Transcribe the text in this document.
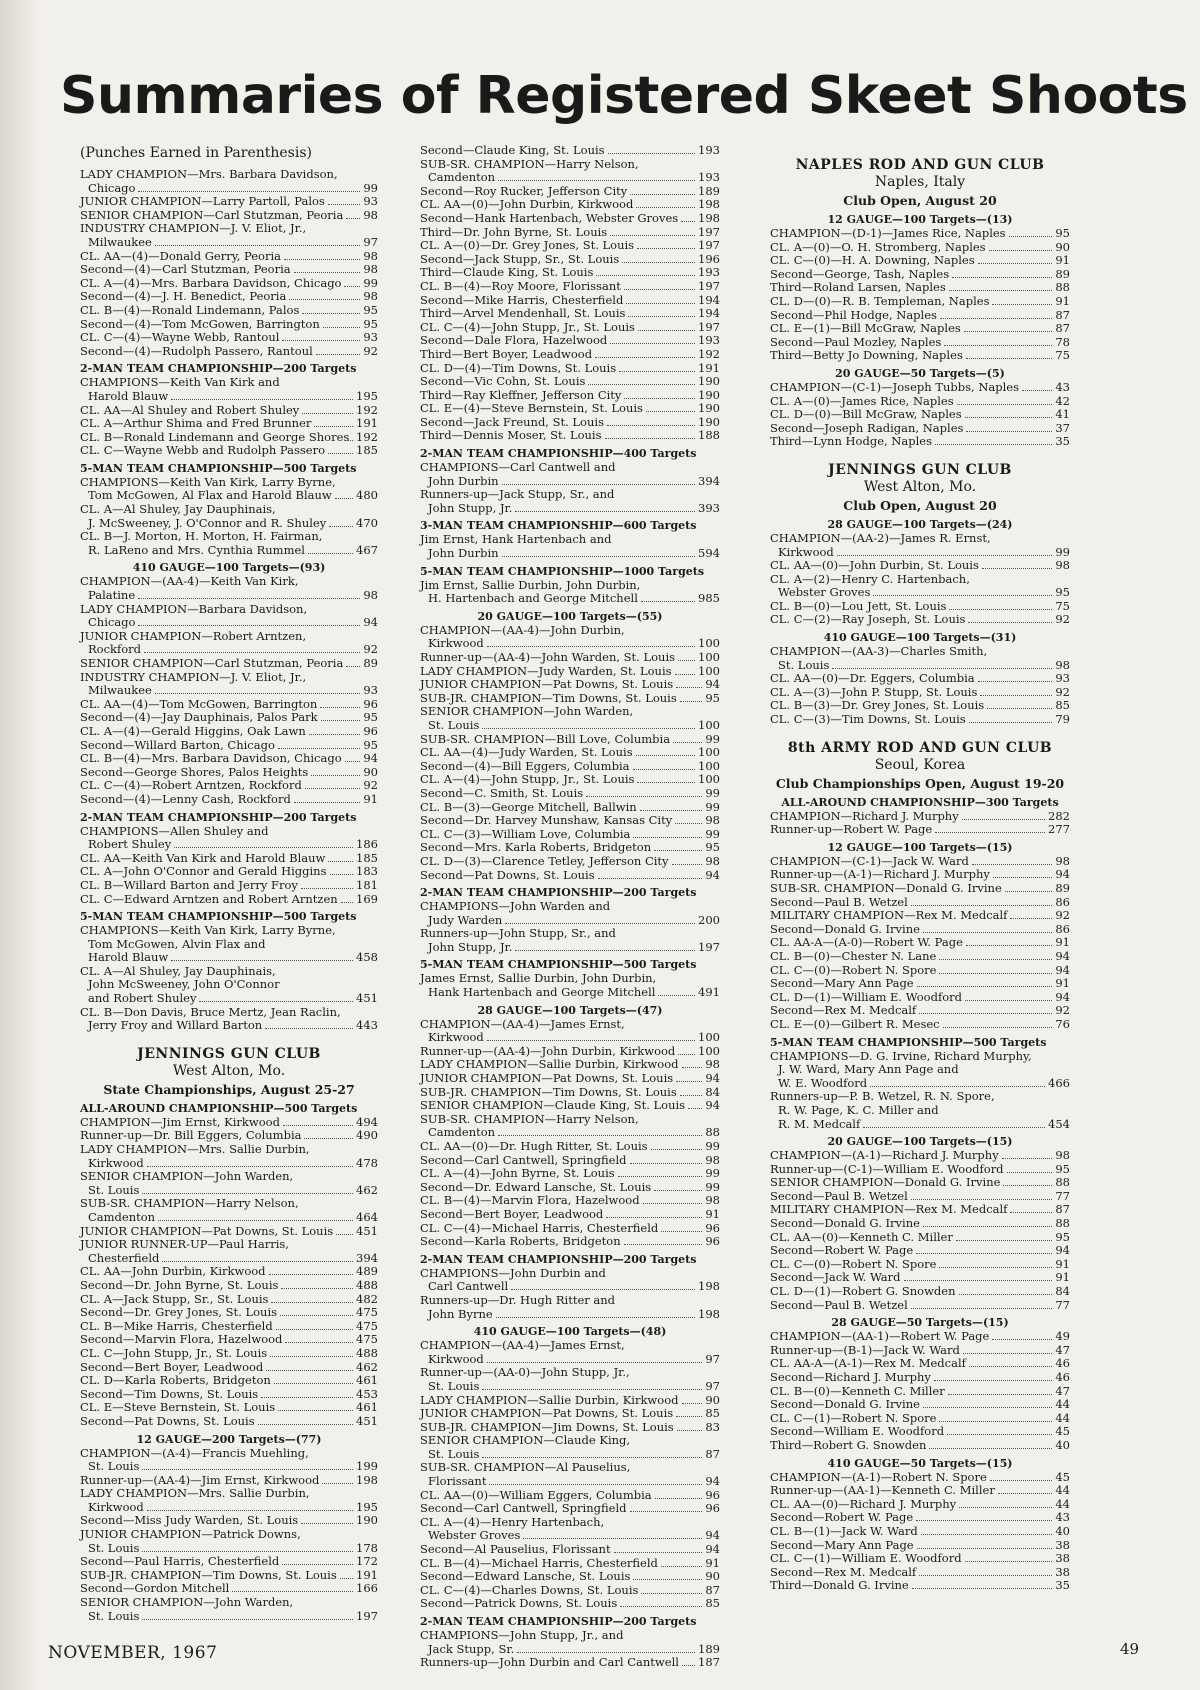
Summaries of Registered Skeet Shoots
(Punches Earned in Parenthesis)
LADY CHAMPION—Mrs. Barbara Davidson,
Chicago	99
JUNIOR CHAMPION—Larry Partoll, Palos	93
SENIOR CHAMPION—Carl Stutzman, Peoria 98
INDUSTRY CHAMPION—J. V. Eliot, Jr.,
Milwaukee	97
CL. AA—(4)—Donald Gerry, Peoria	98
Second—(4)—Carl Stutzman, Peoria	98
CL. A—(4)—Mrs. Barbara Davidson, Chicago 99
Second—(4)—J. H. Benedict, Peoria	98
CL. B—(4)—Ronald Lindemann, Palos	95
Second—(4)—Tom McGowen, Barrington	95
CL. C—(4)—Wayne Webb, Rantoul	93
Second—(4)—Rudolph Passero, Rantoul	92
2-MAN TEAM CHAMPIONSHIP—200 Targets
CHAMPIONS—Keith Van Kirk and
Harold Blauw	195
CL. AA—Al Shuley and Robert Shuley	192
CL. A—Arthur Shima and Fred Brunner	191
CL. B—Ronald Lindemann and George Shores 192
CL. C—Wayne Webb and Rudolph Passero	185
5-MAN TEAM CHAMPIONSHIP—500 Targets
CHAMPIONS—Keith Van Kirk, Larry Byrne,
Tom McGowen, Al Flax and Harold Blauw 480
CL. A—Al Shuley, Jay Dauphinais,
J. McSweeney, J. O'Connor and R. Shuley	470
CL. B—J. Morton, H. Morton, H. Fairman,
R. LaReno and Mrs. Cynthia Rummel	467
410 GAUGE—100 Targets—(93)
CHAMPION—(AA-4)—Keith Van Kirk,
Palatine	98
LADY CHAMPION—Barbara Davidson,
Chicago	94
JUNIOR CHAMPION—Robert Arntzen,
Rockford	92
SENIOR CHAMPION—Carl Stutzman, Peoria 89
INDUSTRY CHAMPION—J. V. Eliot, Jr.,
Milwaukee	93
CL. AA—(4)—Tom McGowen, Barrington	96
Second—(4)—Jay Dauphinais, Palos Park	95
CL. A—(4)—Gerald Higgins, Oak Lawn	96
Second—Willard Barton, Chicago	95
CL. B—(4)—Mrs. Barbara Davidson, Chicago 94
Second—George Shores, Palos Heights	90
CL. C—(4)—Robert Arntzen, Rockford	92
Second—(4)—Lenny Cash, Rockford	91
2-MAN TEAM CHAMPIONSHIP—200 Targets
CHAMPIONS—Allen Shuley and
Robert Shuley	186
CL. AA—Keith Van Kirk and Harold Blauw	185
CL. A—John O'Connor and Gerald Higgins	183
CL. B—Willard Barton and Jerry Froy	181
CL. C—Edward Arntzen and Robert Arntzen 169
5-MAN TEAM CHAMPIONSHIP—500 Targets
CHAMPIONS—Keith Van Kirk, Larry Byrne,
Tom McGowen, Alvin Flax and
Harold Blauw	458
CL. A—Al Shuley, Jay Dauphinais,
John McSweeney, John O'Connor
and Robert Shuley	451
CL. B—Don Davis, Bruce Mertz, Jean Raclin,
Jerry Froy and Willard Barton	443
JENNINGS GUN CLUB
West Alton, Mo.
State Championships, August 25-27
ALL-AROUND CHAMPIONSHIP—500 Targets
CHAMPION—Jim Ernst, Kirkwood	494
Runner-up—Dr. Bill Eggers, Columbia	490
LADY CHAMPION—Mrs. Sallie Durbin,
Kirkwood	478
SENIOR CHAMPION—John Warden,
St. Louis	462
SUB-SR. CHAMPION—Harry Nelson,
Camdenton	464
JUNIOR CHAMPION—Pat Downs, St. Louis 451
JUNIOR RUNNER-UP—Paul Harris,
Chesterfield	394
CL. AA—John Durbin, Kirkwood	489
Second—Dr. John Byrne, St. Louis	488
CL. A—Jack Stupp, Sr., St. Louis	482
Second—Dr. Grey Jones, St. Louis	475
CL. B—Mike Harris, Chesterfield	475
Second—Marvin Flora, Hazelwood	475
CL. C—John Stupp, Jr., St. Louis	488
Second—Bert Boyer, Leadwood	462
CL. D—Karla Roberts, Bridgeton	461
Second—Tim Downs, St. Louis	453
CL. E—Steve Bernstein, St. Louis	461
Second—Pat Downs, St. Louis	451
12 GAUGE—200 Targets—(77)
CHAMPION—(A-4)—Francis Muehling,
St. Louis	199
Runner-up—(AA-4)—Jim Ernst, Kirkwood	198
LADY CHAMPION—Mrs. Sallie Durbin,
Kirkwood	195
Second—Miss Judy Warden, St. Louis	190
JUNIOR CHAMPION—Patrick Downs,
St. Louis	178
Second—Paul Harris, Chesterfield	172
SUB-JR. CHAMPION—Tim Downs, St. Louis 191
Second—Gordon Mitchell	166
SENIOR CHAMPION—John Warden,
St. Louis	197
Second—Claude King, St. Louis	193
SUB-SR. CHAMPION—Harry Nelson,
Camdenton	193
Second—Roy Rucker, Jefferson City	189
CL. AA—(0)—John Durbin, Kirkwood	198
Second—Hank Hartenbach, Webster Groves 198
Third—Dr. John Byrne, St. Louis	197
CL. A—(0)—Dr. Grey Jones, St. Louis	197
Second—Jack Stupp, Sr., St. Louis	196
Third—Claude King, St. Louis	193
CL. B—(4)—Roy Moore, Florissant	197
Second—Mike Harris, Chesterfield	194
Third—Arvel Mendenhall, St. Louis	194
CL. C—(4)—John Stupp, Jr., St. Louis	197
Second—Dale Flora, Hazelwood	193
Third—Bert Boyer, Leadwood	192
CL. D—(4)—Tim Downs, St. Louis	191
Second—Vic Cohn, St. Louis	190
Third—Ray Kleffner, Jefferson City	190
CL. E—(4)—Steve Bernstein, St. Louis	190
Second—Jack Freund, St. Louis	190
Third—Dennis Moser, St. Louis	188
2-MAN TEAM CHAMPIONSHIP—400 Targets
CHAMPIONS—Carl Cantwell and
John Durbin	394
Runners-up—Jack Stupp, Sr., and
John Stupp, Jr.	393
3-MAN TEAM CHAMPIONSHIP—600 Targets
Jim Ernst, Hank Hartenbach and
John Durbin	594
5-MAN TEAM CHAMPIONSHIP—1000 Targets
Jim Ernst, Sallie Durbin, John Durbin,
H. Hartenbach and George Mitchell	985
20 GAUGE—100 Targets—(55)
CHAMPION—(AA-4)—John Durbin,
Kirkwood	100
Runner-up—(AA-4)—John Warden, St. Louis 100
LADY CHAMPION—Judy Warden, St. Louis 100
JUNIOR CHAMPION—Pat Downs, St. Louis	94
SUB-JR. CHAMPION—Tim Downs, St. Louis 95
SENIOR CHAMPION—John Warden,
St. Louis	100
SUB-SR. CHAMPION—Bill Love, Columbia	99
CL. AA—(4)—Judy Warden, St. Louis	100
Second—(4)—Bill Eggers, Columbia	100
CL. A—(4)—John Stupp, Jr., St. Louis	100
Second—C. Smith, St. Louis	99
CL. B—(3)—George Mitchell, Ballwin	99
Second—Dr. Harvey Munshaw, Kansas City	98
CL. C—(3)—William Love, Columbia	99
Second—Mrs. Karla Roberts, Bridgeton	95
CL. D—(3)—Clarence Tetley, Jefferson City	98
Second—Pat Downs, St. Louis	94
2-MAN TEAM CHAMPIONSHIP—200 Targets
CHAMPIONS—John Warden and
Judy Warden	200
Runners-up—John Stupp, Sr., and
John Stupp, Jr.	197
5-MAN TEAM CHAMPIONSHIP—500 Targets
James Ernst, Sallie Durbin, John Durbin,
Hank Hartenbach and George Mitchell	491
28 GAUGE—100 Targets—(47)
CHAMPION—(AA-4)—James Ernst,
Kirkwood	100
Runner-up—(AA-4)—John Durbin, Kirkwood 100
LADY CHAMPION—Sallie Durbin, Kirkwood 98
JUNIOR CHAMPION—Pat Downs, St. Louis	94
SUB-JR. CHAMPION—Tim Downs, St. Louis 84
SENIOR CHAMPION—Claude King, St. Louis 94
SUB-SR. CHAMPION—Harry Nelson,
Camdenton	88
CL. AA—(0)—Dr. Hugh Ritter, St. Louis	99
Second—Carl Cantwell, Springfield	98
CL. A—(4)—John Byrne, St. Louis	99
Second—Dr. Edward Lansche, St. Louis	99
CL. B—(4)—Marvin Flora, Hazelwood	98
Second—Bert Boyer, Leadwood	91
CL. C—(4)—Michael Harris, Chesterfield	96
Second—Karla Roberts, Bridgeton	96
2-MAN TEAM CHAMPIONSHIP—200 Targets
CHAMPIONS—John Durbin and
Carl Cantwell	198
Runners-up—Dr. Hugh Ritter and
John Byrne	198
410 GAUGE—100 Targets—(48)
CHAMPION—(AA-4)—James Ernst,
Kirkwood	97
Runner-up—(AA-0)—John Stupp, Jr.,
St. Louis	97
LADY CHAMPION—Sallie Durbin, Kirkwood 90
JUNIOR CHAMPION—Pat Downs, St. Louis	85
SUB-JR. CHAMPION—Jim Downs, St. Louis	83
SENIOR CHAMPION—Claude King,
St. Louis	87
SUB-SR. CHAMPION—Al Pauselius,
Florissant	94
CL. AA—(0)—William Eggers, Columbia	96
Second—Carl Cantwell, Springfield	96
CL. A—(4)—Henry Hartenbach,
Webster Groves	94
Second—Al Pauselius, Florissant	94
CL. B—(4)—Michael Harris, Chesterfield	91
Second—Edward Lansche, St. Louis	90
CL. C—(4)—Charles Downs, St. Louis	87
Second—Patrick Downs, St. Louis	85
2-MAN TEAM CHAMPIONSHIP—200 Targets
CHAMPIONS—John Stupp, Jr., and
Jack Stupp, Sr.	189
Runners-up—John Durbin and Carl Cantwell 187
NAPLES ROD AND GUN CLUB
Naples, Italy
Club Open, August 20
12 GAUGE—100 Targets—(13)
CHAMPION—(D-1)—James Rice, Naples	95
CL. A—(0)—O. H. Stromberg, Naples	90
CL. C—(0)—H. A. Downing, Naples	91
Second—George, Tash, Naples	89
Third—Roland Larsen, Naples	88
CL. D—(0)—R. B. Templeman, Naples	91
Second—Phil Hodge, Naples	87
CL. E—(1)—Bill McGraw, Naples	87
Second—Paul Mozley, Naples	78
Third—Betty Jo Downing, Naples	75
20 GAUGE—50 Targets—(5)
CHAMPION—(C-1)—Joseph Tubbs, Naples	43
CL. A—(0)—James Rice, Naples	42
CL. D—(0)—Bill McGraw, Naples	41
Second—Joseph Radigan, Naples	37
Third—Lynn Hodge, Naples	35
JENNINGS GUN CLUB
West Alton, Mo.
Club Open, August 20
28 GAUGE—100 Targets—(24)
CHAMPION—(AA-2)—James R. Ernst,
Kirkwood	99
CL. AA—(0)—John Durbin, St. Louis	98
CL. A—(2)—Henry C. Hartenbach,
Webster Groves	95
CL. B—(0)—Lou Jett, St. Louis	75
CL. C—(2)—Ray Joseph, St. Louis	92
410 GAUGE—100 Targets—(31)
CHAMPION—(AA-3)—Charles Smith,
St. Louis	98
CL. AA—(0)—Dr. Eggers, Columbia	93
CL. A—(3)—John P. Stupp, St. Louis	92
CL. B—(3)—Dr. Grey Jones, St. Louis	85
CL. C—(3)—Tim Downs, St. Louis	79
8th ARMY ROD AND GUN CLUB
Seoul, Korea
Club Championships Open, August 19-20
ALL-AROUND CHAMPIONSHIP—300 Targets
CHAMPION—Richard J. Murphy	282
Runner-up—Robert W. Page	277
12 GAUGE—100 Targets—(15)
CHAMPION—(C-1)—Jack W. Ward	98
Runner-up—(A-1)—Richard J. Murphy	94
SUB-SR. CHAMPION—Donald G. Irvine	89
Second—Paul B. Wetzel	86
MILITARY CHAMPION—Rex M. Medcalf	92
Second—Donald G. Irvine	86
CL. AA-A—(A-0)—Robert W. Page	91
CL. B—(0)—Chester N. Lane	94
CL. C—(0)—Robert N. Spore	94
Second—Mary Ann Page	91
CL. D—(1)—William E. Woodford	94
Second—Rex M. Medcalf	92
CL. E—(0)—Gilbert R. Mesec	76
5-MAN TEAM CHAMPIONSHIP—500 Targets
CHAMPIONS—D. G. Irvine, Richard Murphy,
J. W. Ward, Mary Ann Page and
W. E. Woodford	466
Runners-up—P. B. Wetzel, R. N. Spore,
R. W. Page, K. C. Miller and
R. M. Medcalf	454
20 GAUGE—100 Targets—(15)
CHAMPION—(A-1)—Richard J. Murphy	98
Runner-up—(C-1)—William E. Woodford	95
SENIOR CHAMPION—Donald G. Irvine	88
Second—Paul B. Wetzel	77
MILITARY CHAMPION—Rex M. Medcalf	87
Second—Donald G. Irvine	88
CL. AA—(0)—Kenneth C. Miller	95
Second—Robert W. Page	94
CL. C—(0)—Robert N. Spore	91
Second—Jack W. Ward	91
CL. D—(1)—Robert G. Snowden	84
Second—Paul B. Wetzel	77
28 GAUGE—50 Targets—(15)
CHAMPION—(AA-1)—Robert W. Page	49
Runner-up—(B-1)—Jack W. Ward	47
CL. AA-A—(A-1)—Rex M. Medcalf	46
Second—Richard J. Murphy	46
CL. B—(0)—Kenneth C. Miller	47
Second—Donald G. Irvine	44
CL. C—(1)—Robert N. Spore	44
Second—William E. Woodford	45
Third—Robert G. Snowden	40
410 GAUGE—50 Targets—(15)
CHAMPION—(A-1)—Robert N. Spore	45
Runner-up—(AA-1)—Kenneth C. Miller	44
CL. AA—(0)—Richard J. Murphy	44
Second—Robert W. Page	43
CL. B—(1)—Jack W. Ward	40
Second—Mary Ann Page	38
CL. C—(1)—William E. Woodford	38
Second—Rex M. Medcalf	38
Third—Donald G. Irvine	35
NOVEMBER, 1967	49
